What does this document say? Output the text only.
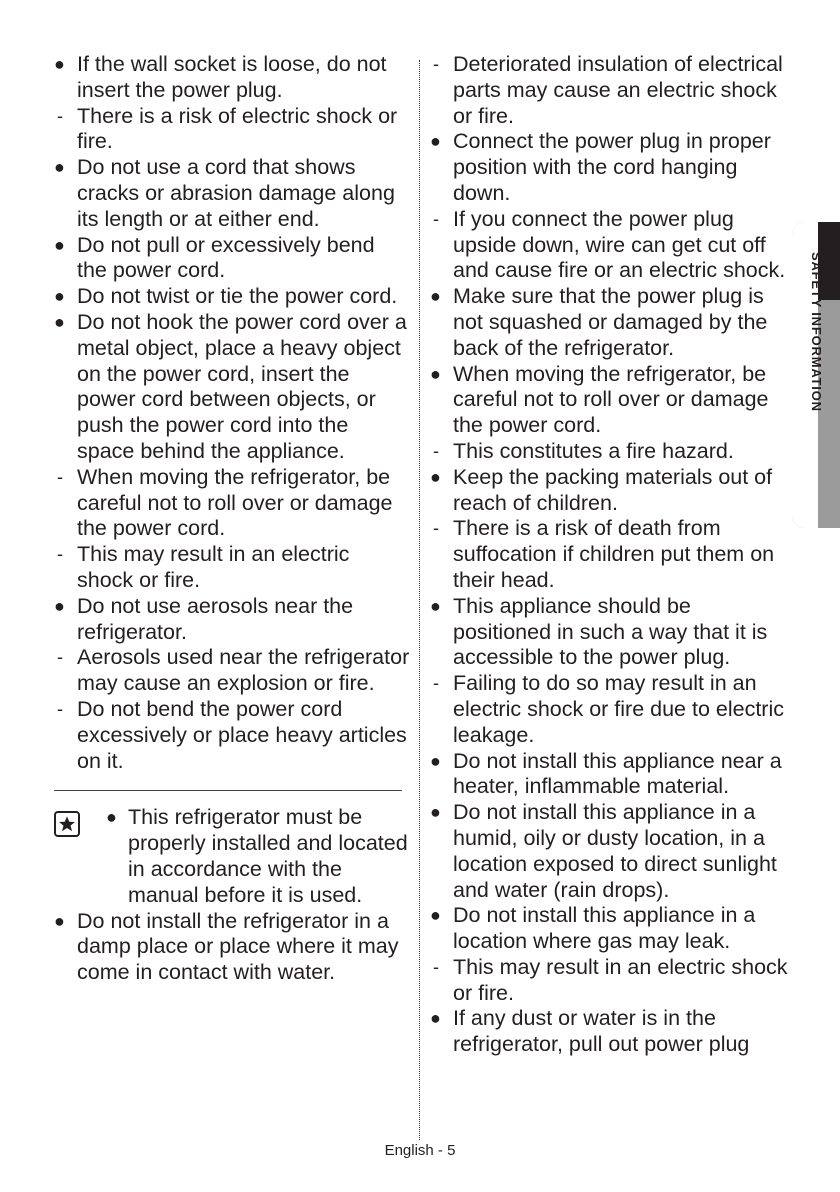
● If the wall socket is loose, do not insert the power plug.
- There is a risk of electric shock or fire.
● Do not use a cord that shows cracks or abrasion damage along its length or at either end.
● Do not pull or excessively bend the power cord.
● Do not twist or tie the power cord.
● Do not hook the power cord over a metal object, place a heavy object on the power cord, insert the power cord between objects, or push the power cord into the space behind the appliance.
- When moving the refrigerator, be careful not to roll over or damage the power cord.
- This may result in an electric shock or fire.
● Do not use aerosols near the refrigerator.
- Aerosols used near the refrigerator may cause an explosion or fire.
- Do not bend the power cord excessively or place heavy articles on it.
● This refrigerator must be properly installed and located in accordance with the manual before it is used.
● Do not install the refrigerator in a damp place or place where it may come in contact with water.
- Deteriorated insulation of electrical parts may cause an electric shock or fire.
● Connect the power plug in proper position with the cord hanging down.
- If you connect the power plug upside down, wire can get cut off and cause fire or an electric shock.
● Make sure that the power plug is not squashed or damaged by the back of the refrigerator.
● When moving the refrigerator, be careful not to roll over or damage the power cord.
- This constitutes a fire hazard.
● Keep the packing materials out of reach of children.
- There is a risk of death from suffocation if children put them on their head.
● This appliance should be positioned in such a way that it is accessible to the power plug.
- Failing to do so may result in an electric shock or fire due to electric leakage.
● Do not install this appliance near a heater, inflammable material.
● Do not install this appliance in a humid, oily or dusty location, in a location exposed to direct sunlight and water (rain drops).
● Do not install this appliance in a location where gas may leak.
- This may result in an electric shock or fire.
● If any dust or water is in the refrigerator, pull out power plug
SAFETY INFORMATION
English - 5
